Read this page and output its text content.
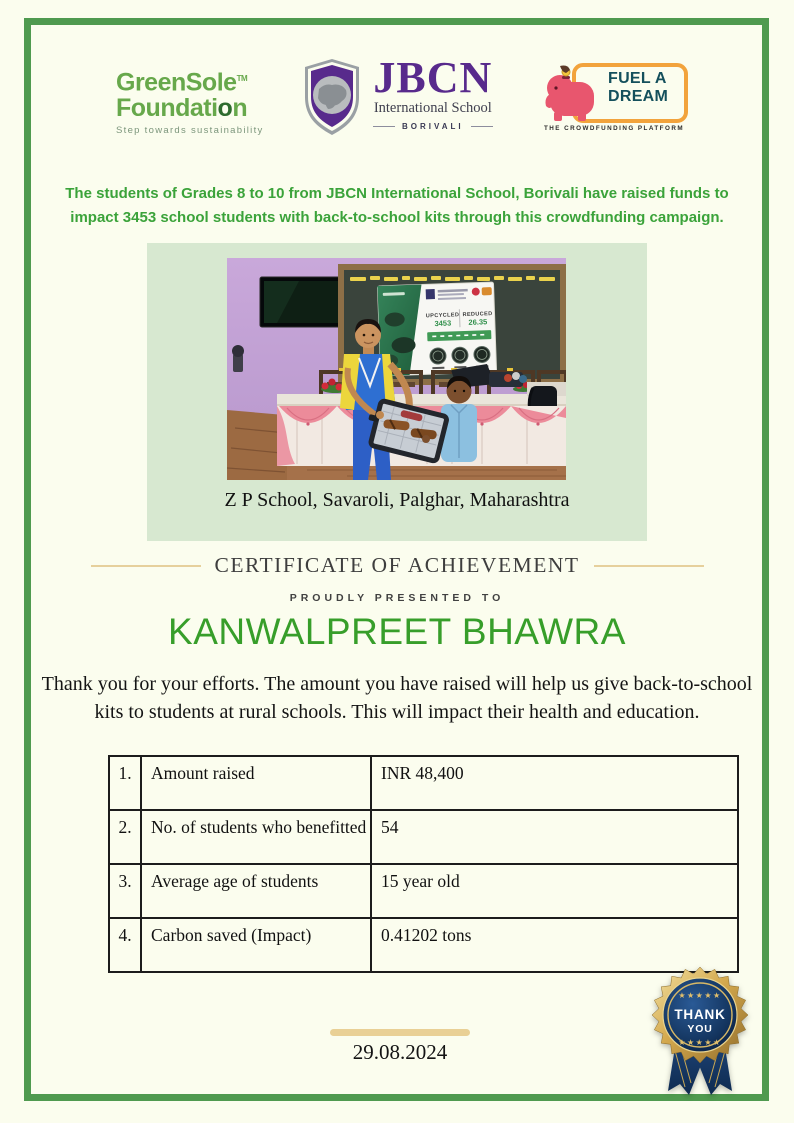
GreenSole™
Foundation
Step towards sustainability
JBCN
International School
BORIVALI
FUEL A
DREAM
THE CROWDFUNDING PLATFORM
The students of Grades 8 to 10 from JBCN International School, Borivali have raised funds to impact 3453 school students with back-to-school kits through this crowdfunding campaign.
UPCYCLED
3453
REDUCED
26.35
Z P School, Savaroli, Palghar, Maharashtra
CERTIFICATE OF ACHIEVEMENT
PROUDLY PRESENTED TO
KANWALPREET BHAWRA
Thank you for your efforts. The amount you have raised will help us give back-to-school kits to students at rural schools. This will impact their health and education.
1.	Amount raised	INR 48,400
2.	No. of students who benefitted	54
3.	Average age of students	15 year old
4.	Carbon saved (Impact)	0.41202 tons
29.08.2024
★★★★★
THANK
YOU
★★★★★
